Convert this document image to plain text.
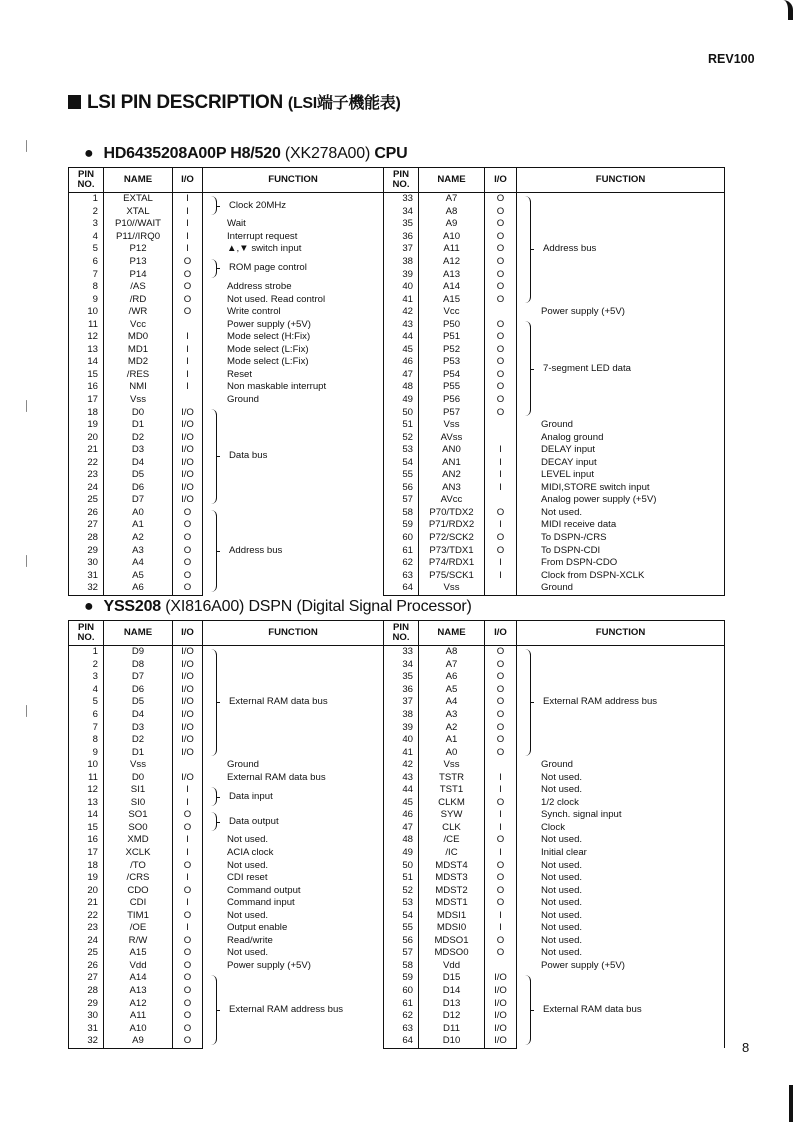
REV100
LSI PIN DESCRIPTION (LSI端子機能表)
● HD6435208A00P H8/520 (XK278A00) CPU
PIN
NO.	NAME	I/O	FUNCTION	PIN
NO.	NAME	I/O	FUNCTION
1	EXTAL	I	Clock 20MHz	33	A7	O	Address bus
2	XTAL	I		34	A8	O	
3	P10//WAIT	I	Wait	35	A9	O	
4	P11//IRQ0	I	Interrupt request	36	A10	O	
5	P12	I	▲,▼ switch input	37	A11	O	
6	P13	O	ROM page control	38	A12	O	
7	P14	O		39	A13	O	
8	/AS	O	Address strobe	40	A14	O	
9	/RD	O	Not used. Read control	41	A15	O	
10	/WR	O	Write control	42	Vcc		Power supply (+5V)
11	Vcc		Power supply (+5V)	43	P50	O	7-segment LED data
12	MD0	I	Mode select (H:Fix)	44	P51	O	
13	MD1	I	Mode select (L:Fix)	45	P52	O	
14	MD2	I	Mode select (L:Fix)	46	P53	O	
15	/RES	I	Reset	47	P54	O	
16	NMI	I	Non maskable interrupt	48	P55	O	
17	Vss		Ground	49	P56	O	
18	D0	I/O	Data bus	50	P57	O	
19	D1	I/O		51	Vss		Ground
20	D2	I/O		52	AVss		Analog ground
21	D3	I/O		53	AN0	I	DELAY input
22	D4	I/O		54	AN1	I	DECAY input
23	D5	I/O		55	AN2	I	LEVEL input
24	D6	I/O		56	AN3	I	MIDI,STORE switch input
25	D7	I/O		57	AVcc		Analog power supply (+5V)
26	A0	O	Address bus	58	P70/TDX2	O	Not used.
27	A1	O		59	P71/RDX2	I	MIDI receive data
28	A2	O		60	P72/SCK2	O	To DSPN-/CRS
29	A3	O		61	P73/TDX1	O	To DSPN-CDI
30	A4	O		62	P74/RDX1	I	From DSPN-CDO
31	A5	O		63	P75/SCK1	I	Clock from DSPN-XCLK
32	A6	O		64	Vss		Ground
● YSS208 (XI816A00) DSPN (Digital Signal Processor)
PIN
NO.	NAME	I/O	FUNCTION	PIN
NO.	NAME	I/O	FUNCTION
1	D9	I/O	External RAM data bus	33	A8	O	External RAM address bus
2	D8	I/O		34	A7	O	
3	D7	I/O		35	A6	O	
4	D6	I/O		36	A5	O	
5	D5	I/O		37	A4	O	
6	D4	I/O		38	A3	O	
7	D3	I/O		39	A2	O	
8	D2	I/O		40	A1	O	
9	D1	I/O		41	A0	O	
10	Vss		Ground	42	Vss		Ground
11	D0	I/O	External RAM data bus	43	TSTR	I	Not used.
12	SI1	I	Data input	44	TST1	I	Not used.
13	SI0	I		45	CLKM	O	1/2 clock
14	SO1	O	Data output	46	SYW	I	Synch. signal input
15	SO0	O		47	CLK	I	Clock
16	XMD	I	Not used.	48	/CE	O	Not used.
17	XCLK	I	ACIA clock	49	/IC	I	Initial clear
18	/TO	O	Not used.	50	MDST4	O	Not used.
19	/CRS	I	CDI reset	51	MDST3	O	Not used.
20	CDO	O	Command output	52	MDST2	O	Not used.
21	CDI	I	Command input	53	MDST1	O	Not used.
22	TIM1	O	Not used.	54	MDSI1	I	Not used.
23	/OE	I	Output enable	55	MDSI0	I	Not used.
24	R/W	O	Read/write	56	MDSO1	O	Not used.
25	A15	O	Not used.	57	MDSO0	O	Not used.
26	Vdd	O	Power supply (+5V)	58	Vdd		Power supply (+5V)
27	A14	O	External RAM address bus	59	D15	I/O	External RAM data bus
28	A13	O		60	D14	I/O	
29	A12	O		61	D13	I/O	
30	A11	O		62	D12	I/O	
31	A10	O		63	D11	I/O	
32	A9	O		64	D10	I/O		8
